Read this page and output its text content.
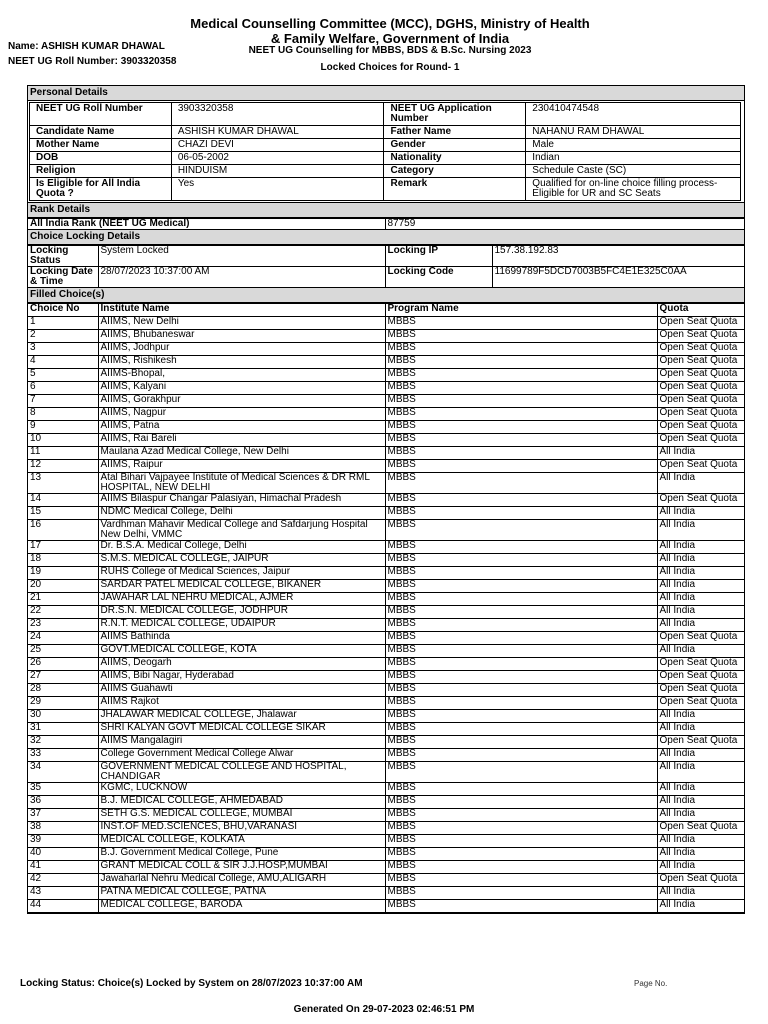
Name: ASHISH KUMAR DHAWAL
NEET UG Roll Number: 3903320358
Medical Counselling Committee (MCC), DGHS, Ministry of Health & Family Welfare, Government of India
NEET UG Counselling for MBBS, BDS & B.Sc. Nursing 2023
Locked Choices for Round- 1
Personal Details
NEET UG Roll Number	3903320358	NEET UG Application Number	230410474548
Candidate Name	ASHISH KUMAR DHAWAL	Father Name	NAHANU RAM DHAWAL
Mother Name	CHAZI DEVI	Gender	Male
DOB	06-05-2002	Nationality	Indian
Religion	HINDUISM	Category	Schedule Caste (SC)
Is Eligible for All India Quota ?	Yes	Remark	Qualified for on-line choice filling process-Eligible for UR and SC Seats
Rank Details
All India Rank (NEET UG Medical)	87759
Choice Locking Details
Locking Status	System Locked	Locking IP	157.38.192.83
Locking Date & Time	28/07/2023 10:37:00 AM	Locking Code	11699789F5DCD7003B5FC4E1E325C0AA
Filled Choice(s)
Choice No	Institute Name	Program Name	Quota
1	AIIMS, New Delhi	MBBS	Open Seat Quota
2	AIIMS, Bhubaneswar	MBBS	Open Seat Quota
3	AIIMS, Jodhpur	MBBS	Open Seat Quota
4	AIIMS, Rishikesh	MBBS	Open Seat Quota
5	AIIMS-Bhopal,	MBBS	Open Seat Quota
6	AIIMS, Kalyani	MBBS	Open Seat Quota
7	AIIMS, Gorakhpur	MBBS	Open Seat Quota
8	AIIMS, Nagpur	MBBS	Open Seat Quota
9	AIIMS, Patna	MBBS	Open Seat Quota
10	AIIMS, Rai Bareli	MBBS	Open Seat Quota
11	Maulana Azad Medical College, New Delhi	MBBS	All India
12	AIIMS, Raipur	MBBS	Open Seat Quota
13	Atal Bihari Vajpayee Institute of Medical Sciences & DR RML HOSPITAL, NEW DELHI	MBBS	All India
14	AIIMS Bilaspur Changar Palasiyan, Himachal Pradesh	MBBS	Open Seat Quota
15	NDMC Medical College, Delhi	MBBS	All India
16	Vardhman Mahavir Medical College and Safdarjung Hospital New Delhi, VMMC	MBBS	All India
17	Dr. B.S.A. Medical College, Delhi	MBBS	All India
18	S.M.S. MEDICAL COLLEGE, JAIPUR	MBBS	All India
19	RUHS College of Medical Sciences, Jaipur	MBBS	All India
20	SARDAR PATEL MEDICAL COLLEGE, BIKANER	MBBS	All India
21	JAWAHAR LAL NEHRU MEDICAL, AJMER	MBBS	All India
22	DR.S.N. MEDICAL COLLEGE, JODHPUR	MBBS	All India
23	R.N.T. MEDICAL COLLEGE, UDAIPUR	MBBS	All India
24	AIIMS Bathinda	MBBS	Open Seat Quota
25	GOVT.MEDICAL COLLEGE, KOTA	MBBS	All India
26	AIIMS, Deogarh	MBBS	Open Seat Quota
27	AIIMS, Bibi Nagar, Hyderabad	MBBS	Open Seat Quota
28	AIIMS Guahawti	MBBS	Open Seat Quota
29	AIIMS Rajkot	MBBS	Open Seat Quota
30	JHALAWAR MEDICAL COLLEGE, Jhalawar	MBBS	All India
31	SHRI KALYAN GOVT MEDICAL COLLEGE SIKAR	MBBS	All India
32	AIIMS Mangalagiri	MBBS	Open Seat Quota
33	College Government Medical College Alwar	MBBS	All India
34	GOVERNMENT MEDICAL COLLEGE AND HOSPITAL, CHANDIGAR	MBBS	All India
35	KGMC, LUCKNOW	MBBS	All India
36	B.J. MEDICAL COLLEGE, AHMEDABAD	MBBS	All India
37	SETH G.S. MEDICAL COLLEGE, MUMBAI	MBBS	All India
38	INST.OF MED.SCIENCES, BHU,VARANASI	MBBS	Open Seat Quota
39	MEDICAL COLLEGE, KOLKATA	MBBS	All India
40	B.J. Government Medical College, Pune	MBBS	All India
41	GRANT MEDICAL COLL & SIR J.J.HOSP,MUMBAI	MBBS	All India
42	Jawaharlal Nehru Medical College, AMU,ALIGARH	MBBS	Open Seat Quota
43	PATNA MEDICAL COLLEGE, PATNA	MBBS	All India
44	MEDICAL COLLEGE, BARODA	MBBS	All India
Locking Status: Choice(s) Locked by System on 28/07/2023 10:37:00 AM	Page No.
Generated On 29-07-2023 02:46:51 PM
